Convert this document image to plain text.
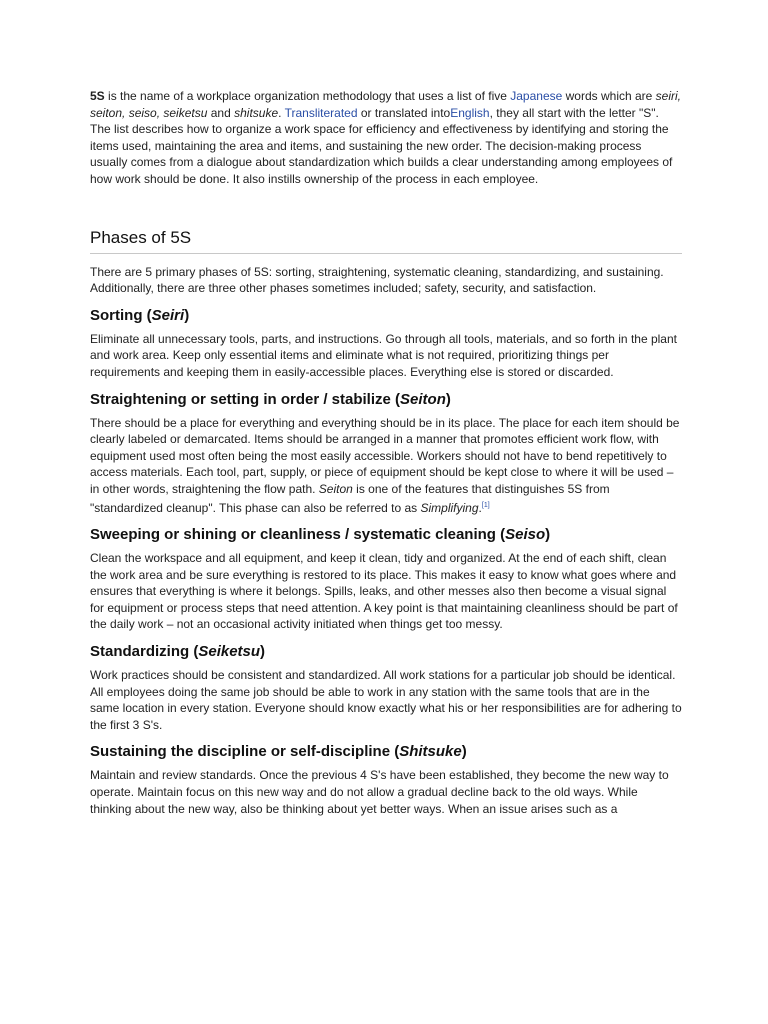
5S is the name of a workplace organization methodology that uses a list of five Japanese words which are seiri, seiton, seiso, seiketsu and shitsuke. Transliterated or translated intoEnglish, they all start with the letter "S". The list describes how to organize a work space for efficiency and effectiveness by identifying and storing the items used, maintaining the area and items, and sustaining the new order. The decision-making process usually comes from a dialogue about standardization which builds a clear understanding among employees of how work should be done. It also instills ownership of the process in each employee.

Phases of 5S

There are 5 primary phases of 5S: sorting, straightening, systematic cleaning, standardizing, and sustaining. Additionally, there are three other phases sometimes included; safety, security, and satisfaction.

Sorting (Seiri)

Eliminate all unnecessary tools, parts, and instructions. Go through all tools, materials, and so forth in the plant and work area. Keep only essential items and eliminate what is not required, prioritizing things per requirements and keeping them in easily-accessible places. Everything else is stored or discarded.

Straightening or setting in order / stabilize (Seiton)

There should be a place for everything and everything should be in its place. The place for each item should be clearly labeled or demarcated. Items should be arranged in a manner that promotes efficient work flow, with equipment used most often being the most easily accessible. Workers should not have to bend repetitively to access materials. Each tool, part, supply, or piece of equipment should be kept close to where it will be used – in other words, straightening the flow path. Seiton is one of the features that distinguishes 5S from "standardized cleanup". This phase can also be referred to as Simplifying.[1]

Sweeping or shining or cleanliness / systematic cleaning (Seiso)

Clean the workspace and all equipment, and keep it clean, tidy and organized. At the end of each shift, clean the work area and be sure everything is restored to its place. This makes it easy to know what goes where and ensures that everything is where it belongs. Spills, leaks, and other messes also then become a visual signal for equipment or process steps that need attention. A key point is that maintaining cleanliness should be part of the daily work – not an occasional activity initiated when things get too messy.

Standardizing (Seiketsu)

Work practices should be consistent and standardized. All work stations for a particular job should be identical. All employees doing the same job should be able to work in any station with the same tools that are in the same location in every station. Everyone should know exactly what his or her responsibilities are for adhering to the first 3 S's.

Sustaining the discipline or self-discipline (Shitsuke)

Maintain and review standards. Once the previous 4 S's have been established, they become the new way to operate. Maintain focus on this new way and do not allow a gradual decline back to the old ways. While thinking about the new way, also be thinking about yet better ways. When an issue arises such as a
